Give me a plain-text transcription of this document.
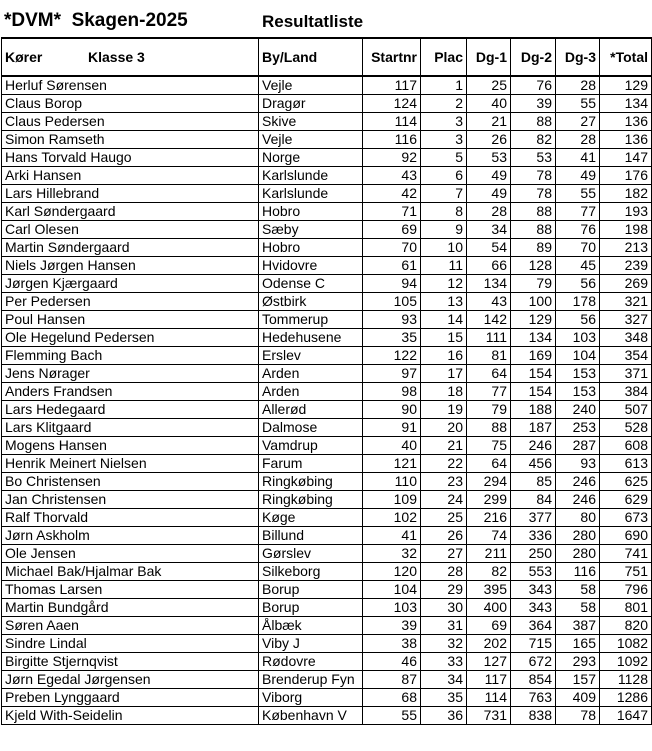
*DVM*  Skagen-2025	Resultatliste
Kører Klasse 3	By/Land	Startnr	Plac	Dg-1	Dg-2	Dg-3	*Total
Herluf Sørensen	Vejle	117	1	25	76	28	129
Claus Borop	Dragør	124	2	40	39	55	134
Claus Pedersen	Skive	114	3	21	88	27	136
Simon Ramseth	Vejle	116	3	26	82	28	136
Hans Torvald Haugo	Norge	92	5	53	53	41	147
Arki Hansen	Karlslunde	43	6	49	78	49	176
Lars Hillebrand	Karlslunde	42	7	49	78	55	182
Karl Søndergaard	Hobro	71	8	28	88	77	193
Carl Olesen	Sæby	69	9	34	88	76	198
Martin Søndergaard	Hobro	70	10	54	89	70	213
Niels Jørgen Hansen	Hvidovre	61	11	66	128	45	239
Jørgen Kjærgaard	Odense C	94	12	134	79	56	269
Per Pedersen	Østbirk	105	13	43	100	178	321
Poul Hansen	Tommerup	93	14	142	129	56	327
Ole Hegelund Pedersen	Hedehusene	35	15	111	134	103	348
Flemming Bach	Erslev	122	16	81	169	104	354
Jens Nørager	Arden	97	17	64	154	153	371
Anders Frandsen	Arden	98	18	77	154	153	384
Lars Hedegaard	Allerød	90	19	79	188	240	507
Lars Klitgaard	Dalmose	91	20	88	187	253	528
Mogens Hansen	Vamdrup	40	21	75	246	287	608
Henrik Meinert Nielsen	Farum	121	22	64	456	93	613
Bo Christensen	Ringkøbing	110	23	294	85	246	625
Jan Christensen	Ringkøbing	109	24	299	84	246	629
Ralf Thorvald	Køge	102	25	216	377	80	673
Jørn Askholm	Billund	41	26	74	336	280	690
Ole Jensen	Gørslev	32	27	211	250	280	741
Michael Bak/Hjalmar Bak	Silkeborg	120	28	82	553	116	751
Thomas Larsen	Borup	104	29	395	343	58	796
Martin Bundgård	Borup	103	30	400	343	58	801
Søren Aaen	Ålbæk	39	31	69	364	387	820
Sindre Lindal	Viby J	38	32	202	715	165	1082
Birgitte Stjernqvist	Rødovre	46	33	127	672	293	1092
Jørn Egedal Jørgensen	Brenderup Fyn	87	34	117	854	157	1128
Preben Lynggaard	Viborg	68	35	114	763	409	1286
Kjeld With-Seidelin	København V	55	36	731	838	78	1647
